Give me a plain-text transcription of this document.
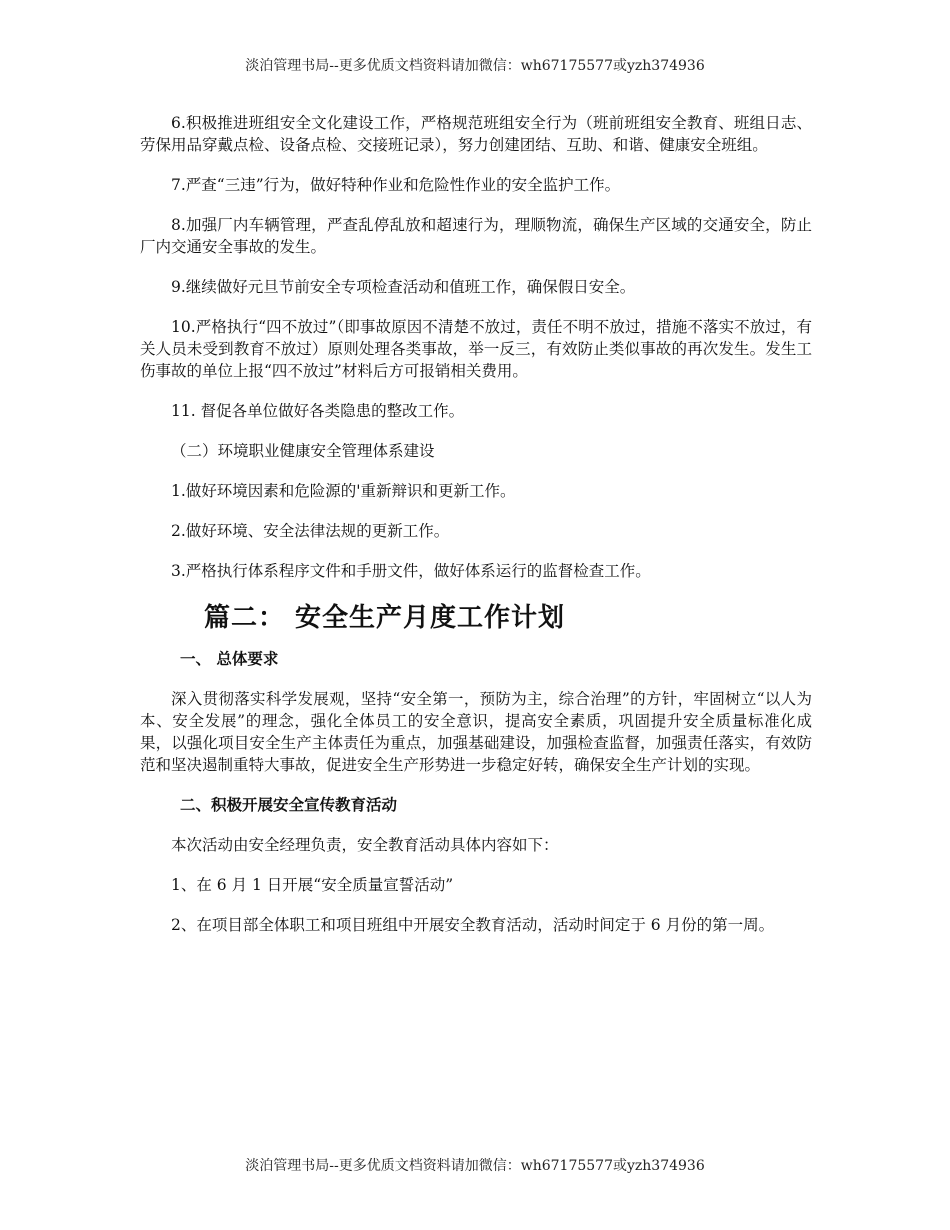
淡泊管理书局--更多优质文档资料请加微信：wh67175577或yzh374936

6.积极推进班组安全文化建设工作，严格规范班组安全行为（班前班组安全教育、班组日志、劳保用品穿戴点检、设备点检、交接班记录），努力创建团结、互助、和谐、健康安全班组。

7.严查“三违”行为，做好特种作业和危险性作业的安全监护工作。

8.加强厂内车辆管理，严查乱停乱放和超速行为，理顺物流，确保生产区域的交通安全，防止厂内交通安全事故的发生。

9.继续做好元旦节前安全专项检查活动和值班工作，确保假日安全。

10.严格执行“四不放过”（即事故原因不清楚不放过，责任不明不放过，措施不落实不放过，有关人员未受到教育不放过）原则处理各类事故，举一反三，有效防止类似事故的再次发生。发生工伤事故的单位上报“四不放过”材料后方可报销相关费用。

11. 督促各单位做好各类隐患的整改工作。

（二）环境职业健康安全管理体系建设

1.做好环境因素和危险源的'重新辩识和更新工作。

2.做好环境、安全法律法规的更新工作。

3.严格执行体系程序文件和手册文件，做好体系运行的监督检查工作。

篇二： 安全生产月度工作计划
一、 总体要求

深入贯彻落实科学发展观，坚持“安全第一，预防为主，综合治理”的方针，牢固树立“以人为本、安全发展”的理念，强化全体员工的安全意识，提高安全素质，巩固提升安全质量标准化成果，以强化项目安全生产主体责任为重点，加强基础建设，加强检查监督，加强责任落实，有效防范和坚决遏制重特大事故，促进安全生产形势进一步稳定好转，确保安全生产计划的实现。

二、积极开展安全宣传教育活动

本次活动由安全经理负责，安全教育活动具体内容如下：

1、在 6 月 1 日开展“安全质量宣誓活动”

2、在项目部全体职工和项目班组中开展安全教育活动，活动时间定于 6 月份的第一周。

淡泊管理书局--更多优质文档资料请加微信：wh67175577或yzh374936
